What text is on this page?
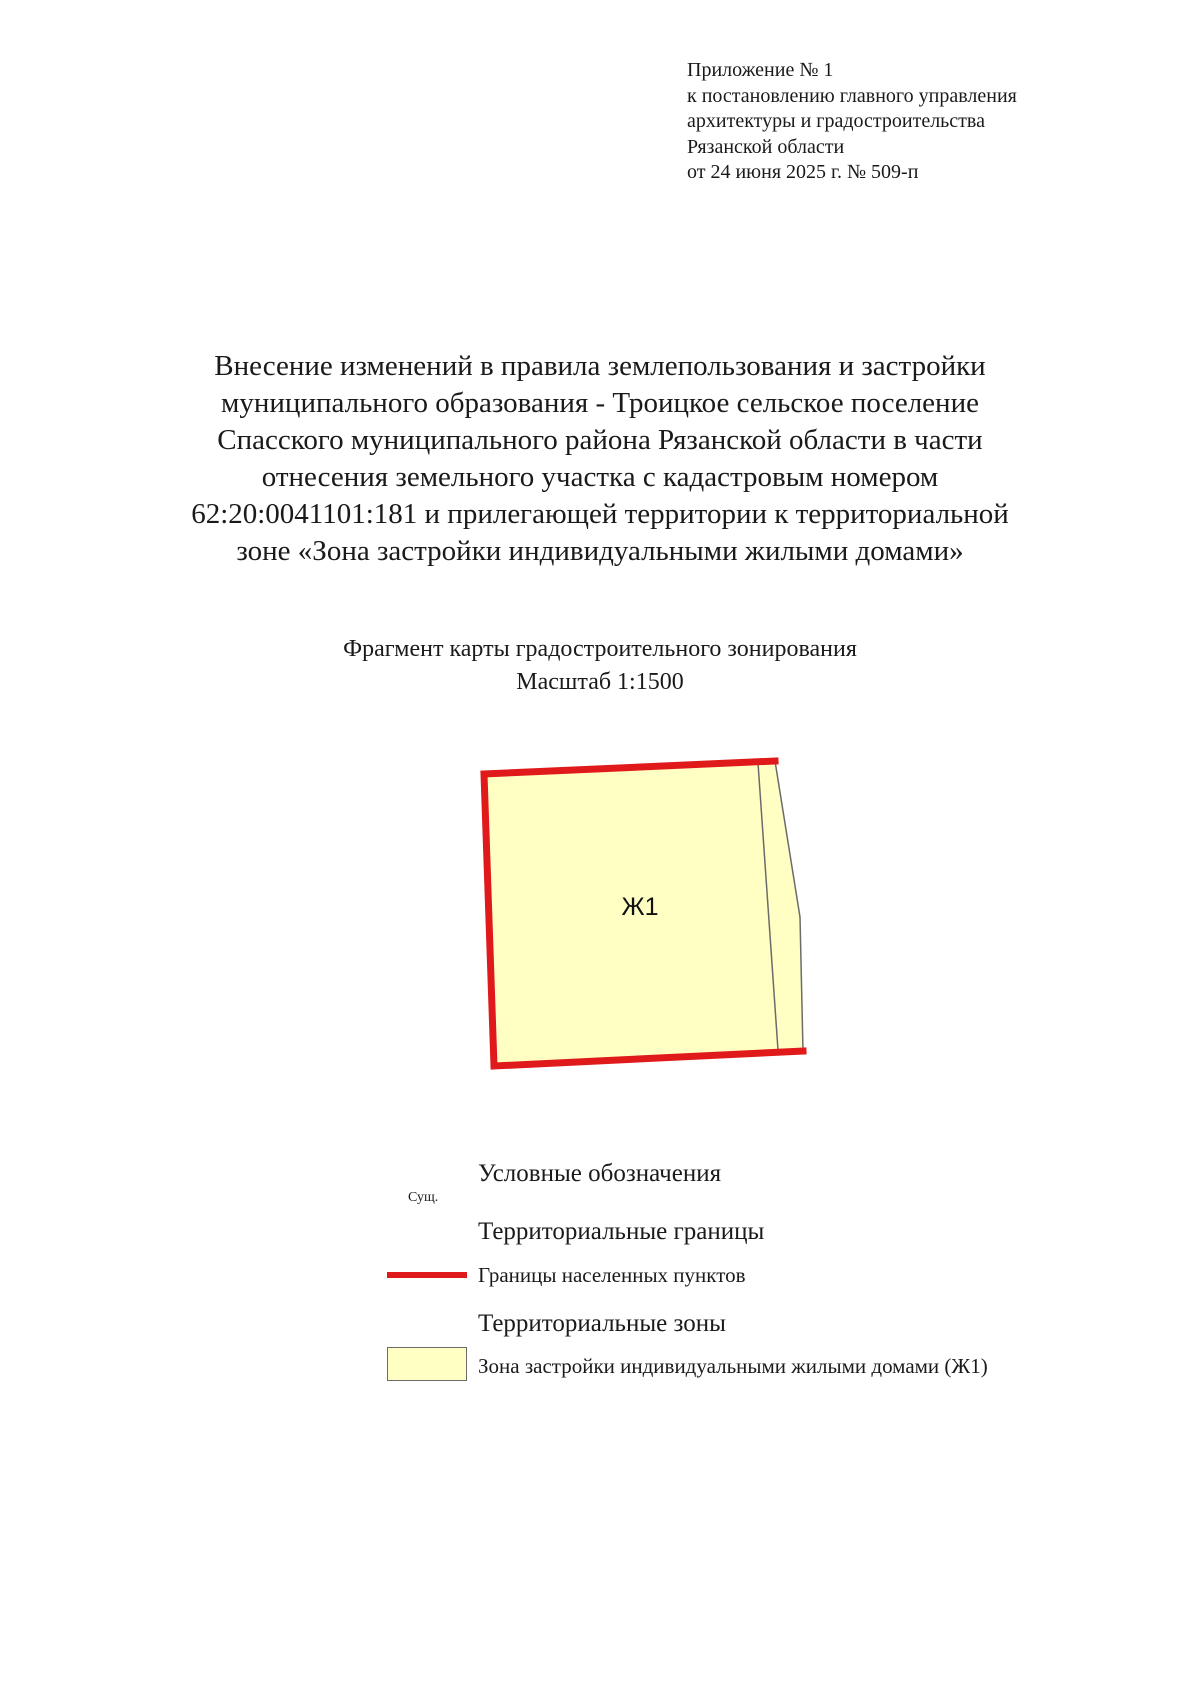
Приложение № 1
к постановлению главного управления
архитектуры и градостроительства
Рязанской области
от 24 июня 2025 г. № 509-п
Внесение изменений в правила землепользования и застройки
муниципального образования - Троицкое сельское поселение
Спасского муниципального района Рязанской области в части
отнесения земельного участка с кадастровым номером
62:20:0041101:181 и прилегающей территории к территориальной
зоне «Зона застройки индивидуальными жилыми домами»
Фрагмент карты градостроительного зонирования
Масштаб 1:1500
Ж1
Условные обозначения
Сущ.
Территориальные границы
Границы населенных пунктов
Территориальные зоны
Зона застройки индивидуальными жилыми домами (Ж1)
